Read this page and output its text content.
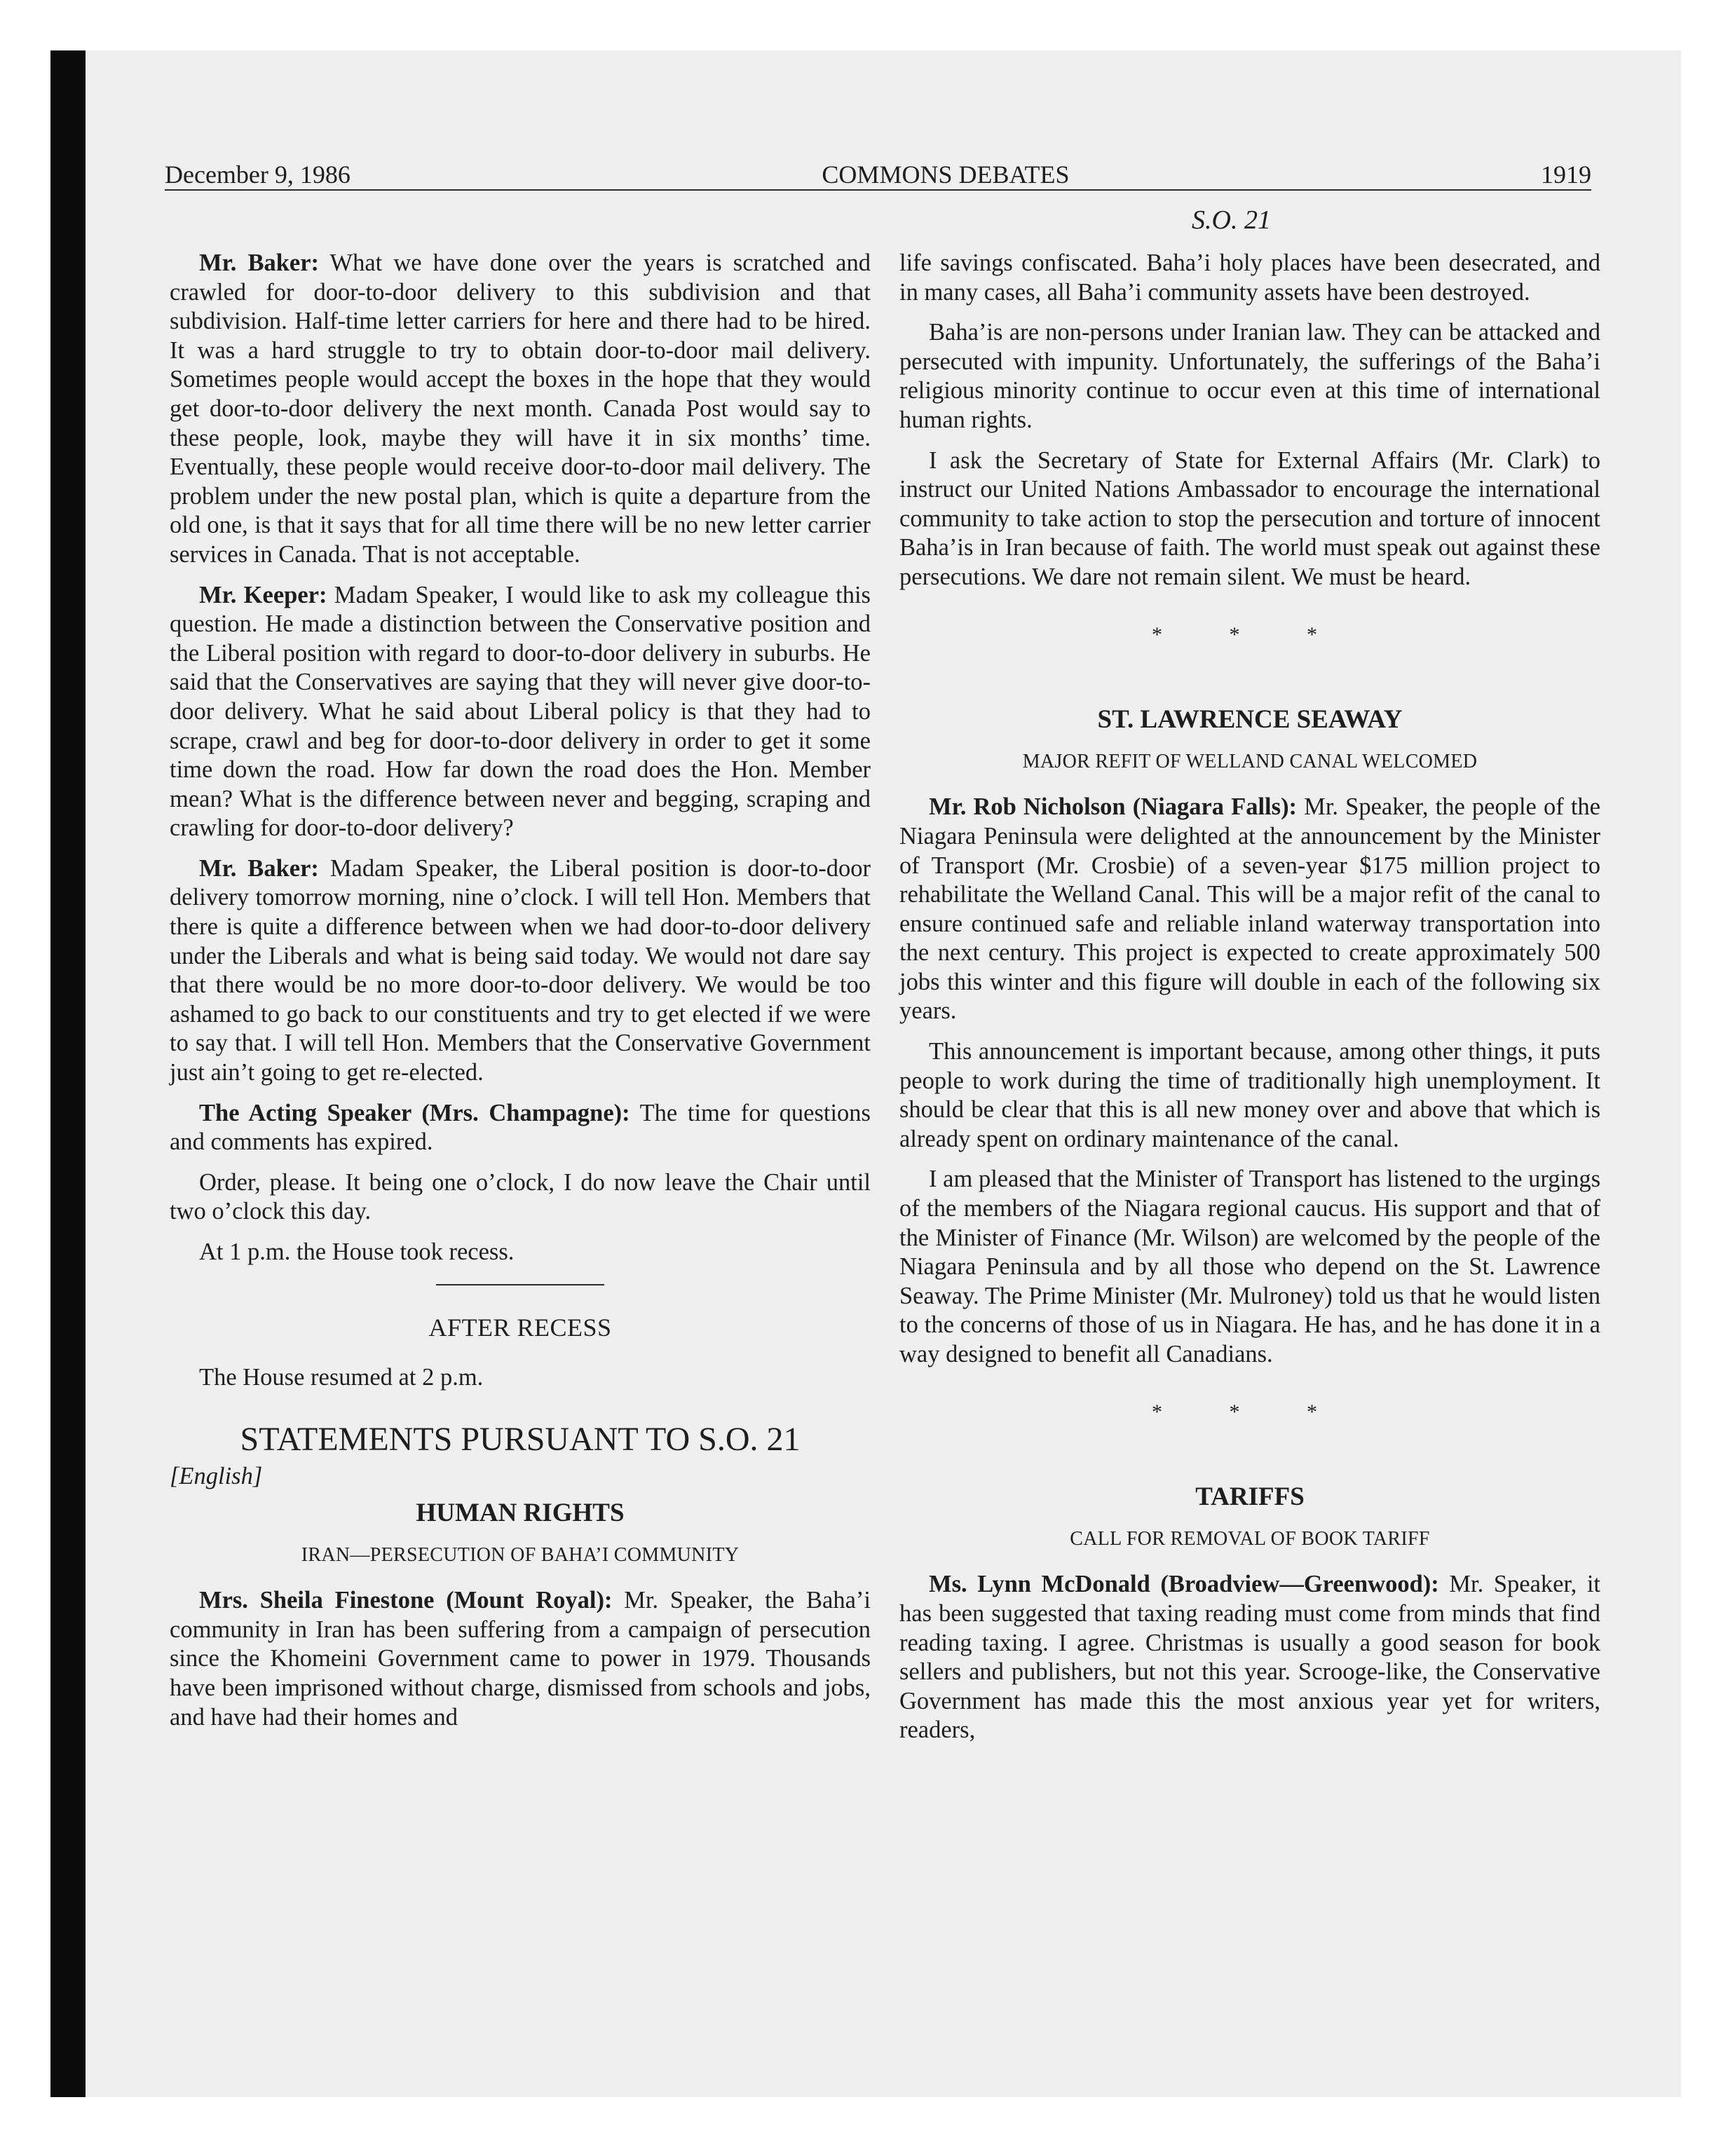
December 9, 1986	COMMONS DEBATES	1919
S.O. 21

Mr. Baker: What we have done over the years is scratched and crawled for door-to-door delivery to this subdivision and that subdivision. Half-time letter carriers for here and there had to be hired. It was a hard struggle to try to obtain door-to-door mail delivery. Sometimes people would accept the boxes in the hope that they would get door-to-door delivery the next month. Canada Post would say to these people, look, maybe they will have it in six months’ time. Eventually, these people would receive door-to-door mail delivery. The problem under the new postal plan, which is quite a departure from the old one, is that it says that for all time there will be no new letter carrier services in Canada. That is not acceptable.

Mr. Keeper: Madam Speaker, I would like to ask my colleague this question. He made a distinction between the Conservative position and the Liberal position with regard to door-to-door delivery in suburbs. He said that the Conservatives are saying that they will never give door-to-door delivery. What he said about Liberal policy is that they had to scrape, crawl and beg for door-to-door delivery in order to get it some time down the road. How far down the road does the Hon. Member mean? What is the difference between never and begging, scraping and crawling for door-to-door delivery?

Mr. Baker: Madam Speaker, the Liberal position is door-to-door delivery tomorrow morning, nine o’clock. I will tell Hon. Members that there is quite a difference between when we had door-to-door delivery under the Liberals and what is being said today. We would not dare say that there would be no more door-to-door delivery. We would be too ashamed to go back to our constituents and try to get elected if we were to say that. I will tell Hon. Members that the Conservative Government just ain’t going to get re-elected.

The Acting Speaker (Mrs. Champagne): The time for questions and comments has expired.

Order, please. It being one o’clock, I do now leave the Chair until two o’clock this day.

At 1 p.m. the House took recess.

AFTER RECESS

The House resumed at 2 p.m.

STATEMENTS PURSUANT TO S.O. 21
[English]
HUMAN RIGHTS
IRAN—PERSECUTION OF BAHA’I COMMUNITY

Mrs. Sheila Finestone (Mount Royal): Mr. Speaker, the Baha’i community in Iran has been suffering from a campaign of persecution since the Khomeini Government came to power in 1979. Thousands have been imprisoned without charge, dismissed from schools and jobs, and have had their homes and

life savings confiscated. Baha’i holy places have been desecrated, and in many cases, all Baha’i community assets have been destroyed.

Baha’is are non-persons under Iranian law. They can be attacked and persecuted with impunity. Unfortunately, the sufferings of the Baha’i religious minority continue to occur even at this time of international human rights.

I ask the Secretary of State for External Affairs (Mr. Clark) to instruct our United Nations Ambassador to encourage the international community to take action to stop the persecution and torture of innocent Baha’is in Iran because of faith. The world must speak out against these persecutions. We dare not remain silent. We must be heard.

* * *
ST. LAWRENCE SEAWAY
MAJOR REFIT OF WELLAND CANAL WELCOMED

Mr. Rob Nicholson (Niagara Falls): Mr. Speaker, the people of the Niagara Peninsula were delighted at the announcement by the Minister of Transport (Mr. Crosbie) of a seven-year $175 million project to rehabilitate the Welland Canal. This will be a major refit of the canal to ensure continued safe and reliable inland waterway transportation into the next century. This project is expected to create approximately 500 jobs this winter and this figure will double in each of the following six years.

This announcement is important because, among other things, it puts people to work during the time of traditionally high unemployment. It should be clear that this is all new money over and above that which is already spent on ordinary maintenance of the canal.

I am pleased that the Minister of Transport has listened to the urgings of the members of the Niagara regional caucus. His support and that of the Minister of Finance (Mr. Wilson) are welcomed by the people of the Niagara Peninsula and by all those who depend on the St. Lawrence Seaway. The Prime Minister (Mr. Mulroney) told us that he would listen to the concerns of those of us in Niagara. He has, and he has done it in a way designed to benefit all Canadians.

* * *
TARIFFS
CALL FOR REMOVAL OF BOOK TARIFF

Ms. Lynn McDonald (Broadview—Greenwood): Mr. Speaker, it has been suggested that taxing reading must come from minds that find reading taxing. I agree. Christmas is usually a good season for book sellers and publishers, but not this year. Scrooge-like, the Conservative Government has made this the most anxious year yet for writers, readers,
